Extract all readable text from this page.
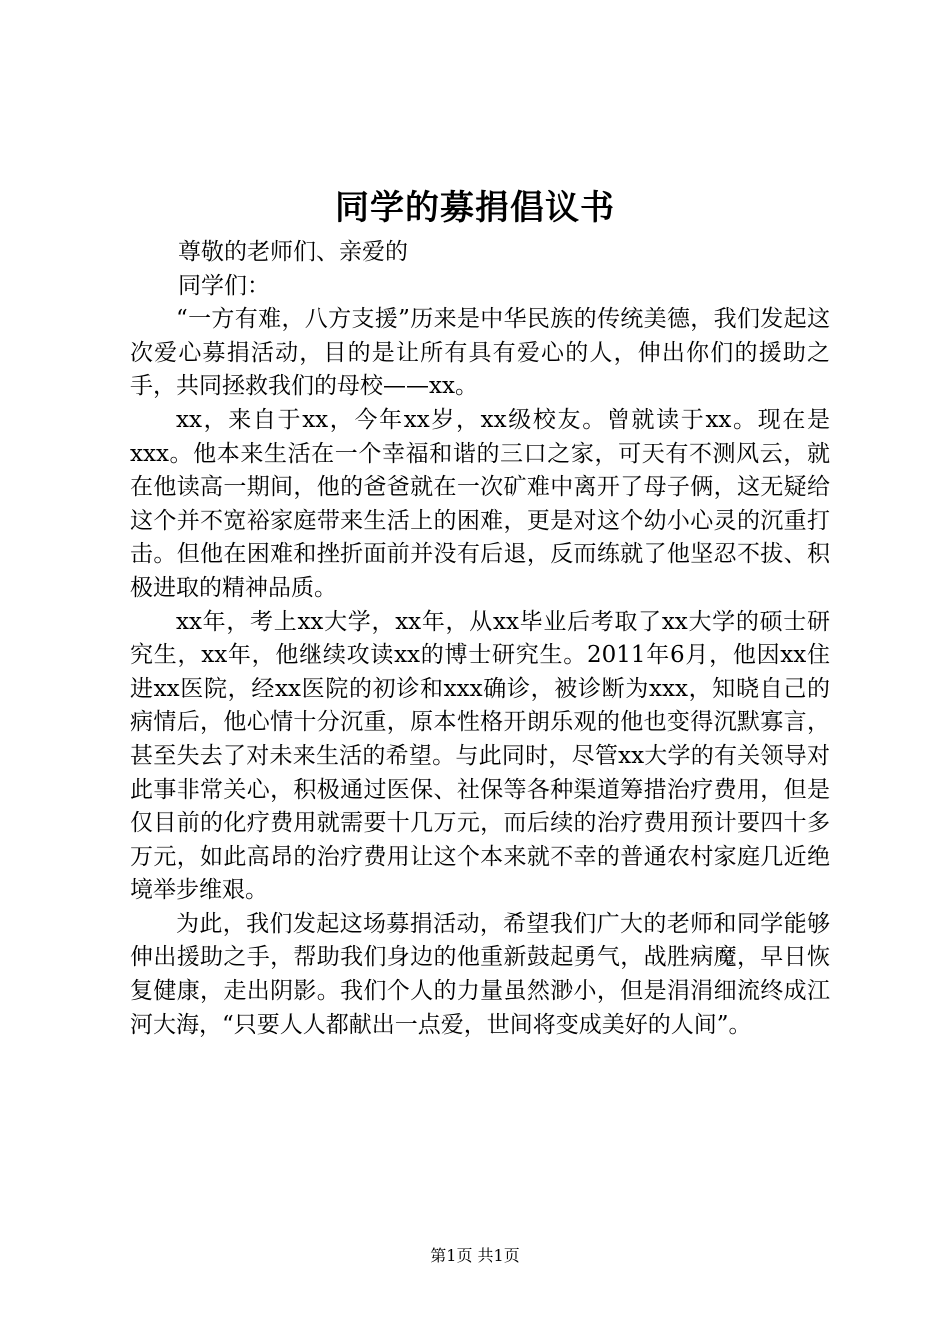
同学的募捐倡议书

尊敬的老师们、亲爱的

同学们：

“一方有难，八方支援”历来是中华民族的传统美德，我们发起这次爱心募捐活动，目的是让所有具有爱心的人，伸出你们的援助之手，共同拯救我们的母校——xx。

xx，来自于xx，今年xx岁，xx级校友。曾就读于xx。现在是xxx。他本来生活在一个幸福和谐的三口之家，可天有不测风云，就在他读高一期间，他的爸爸就在一次矿难中离开了母子俩，这无疑给这个并不宽裕家庭带来生活上的困难，更是对这个幼小心灵的沉重打击。但他在困难和挫折面前并没有后退，反而练就了他坚忍不拔、积极进取的精神品质。

xx年，考上xx大学，xx年，从xx毕业后考取了xx大学的硕士研究生，xx年，他继续攻读xx的博士研究生。2011年6月，他因xx住进xx医院，经xx医院的初诊和xxx确诊，被诊断为xxx，知晓自己的病情后，他心情十分沉重，原本性格开朗乐观的他也变得沉默寡言，甚至失去了对未来生活的希望。与此同时，尽管xx大学的有关领导对此事非常关心，积极通过医保、社保等各种渠道筹措治疗费用，但是仅目前的化疗费用就需要十几万元，而后续的治疗费用预计要四十多万元，如此高昂的治疗费用让这个本来就不幸的普通农村家庭几近绝境举步维艰。

为此，我们发起这场募捐活动，希望我们广大的老师和同学能够伸出援助之手，帮助我们身边的他重新鼓起勇气，战胜病魔，早日恢复健康，走出阴影。我们个人的力量虽然渺小，但是涓涓细流终成江河大海，“只要人人都献出一点爱，世间将变成美好的人间”。

第1页 共1页
